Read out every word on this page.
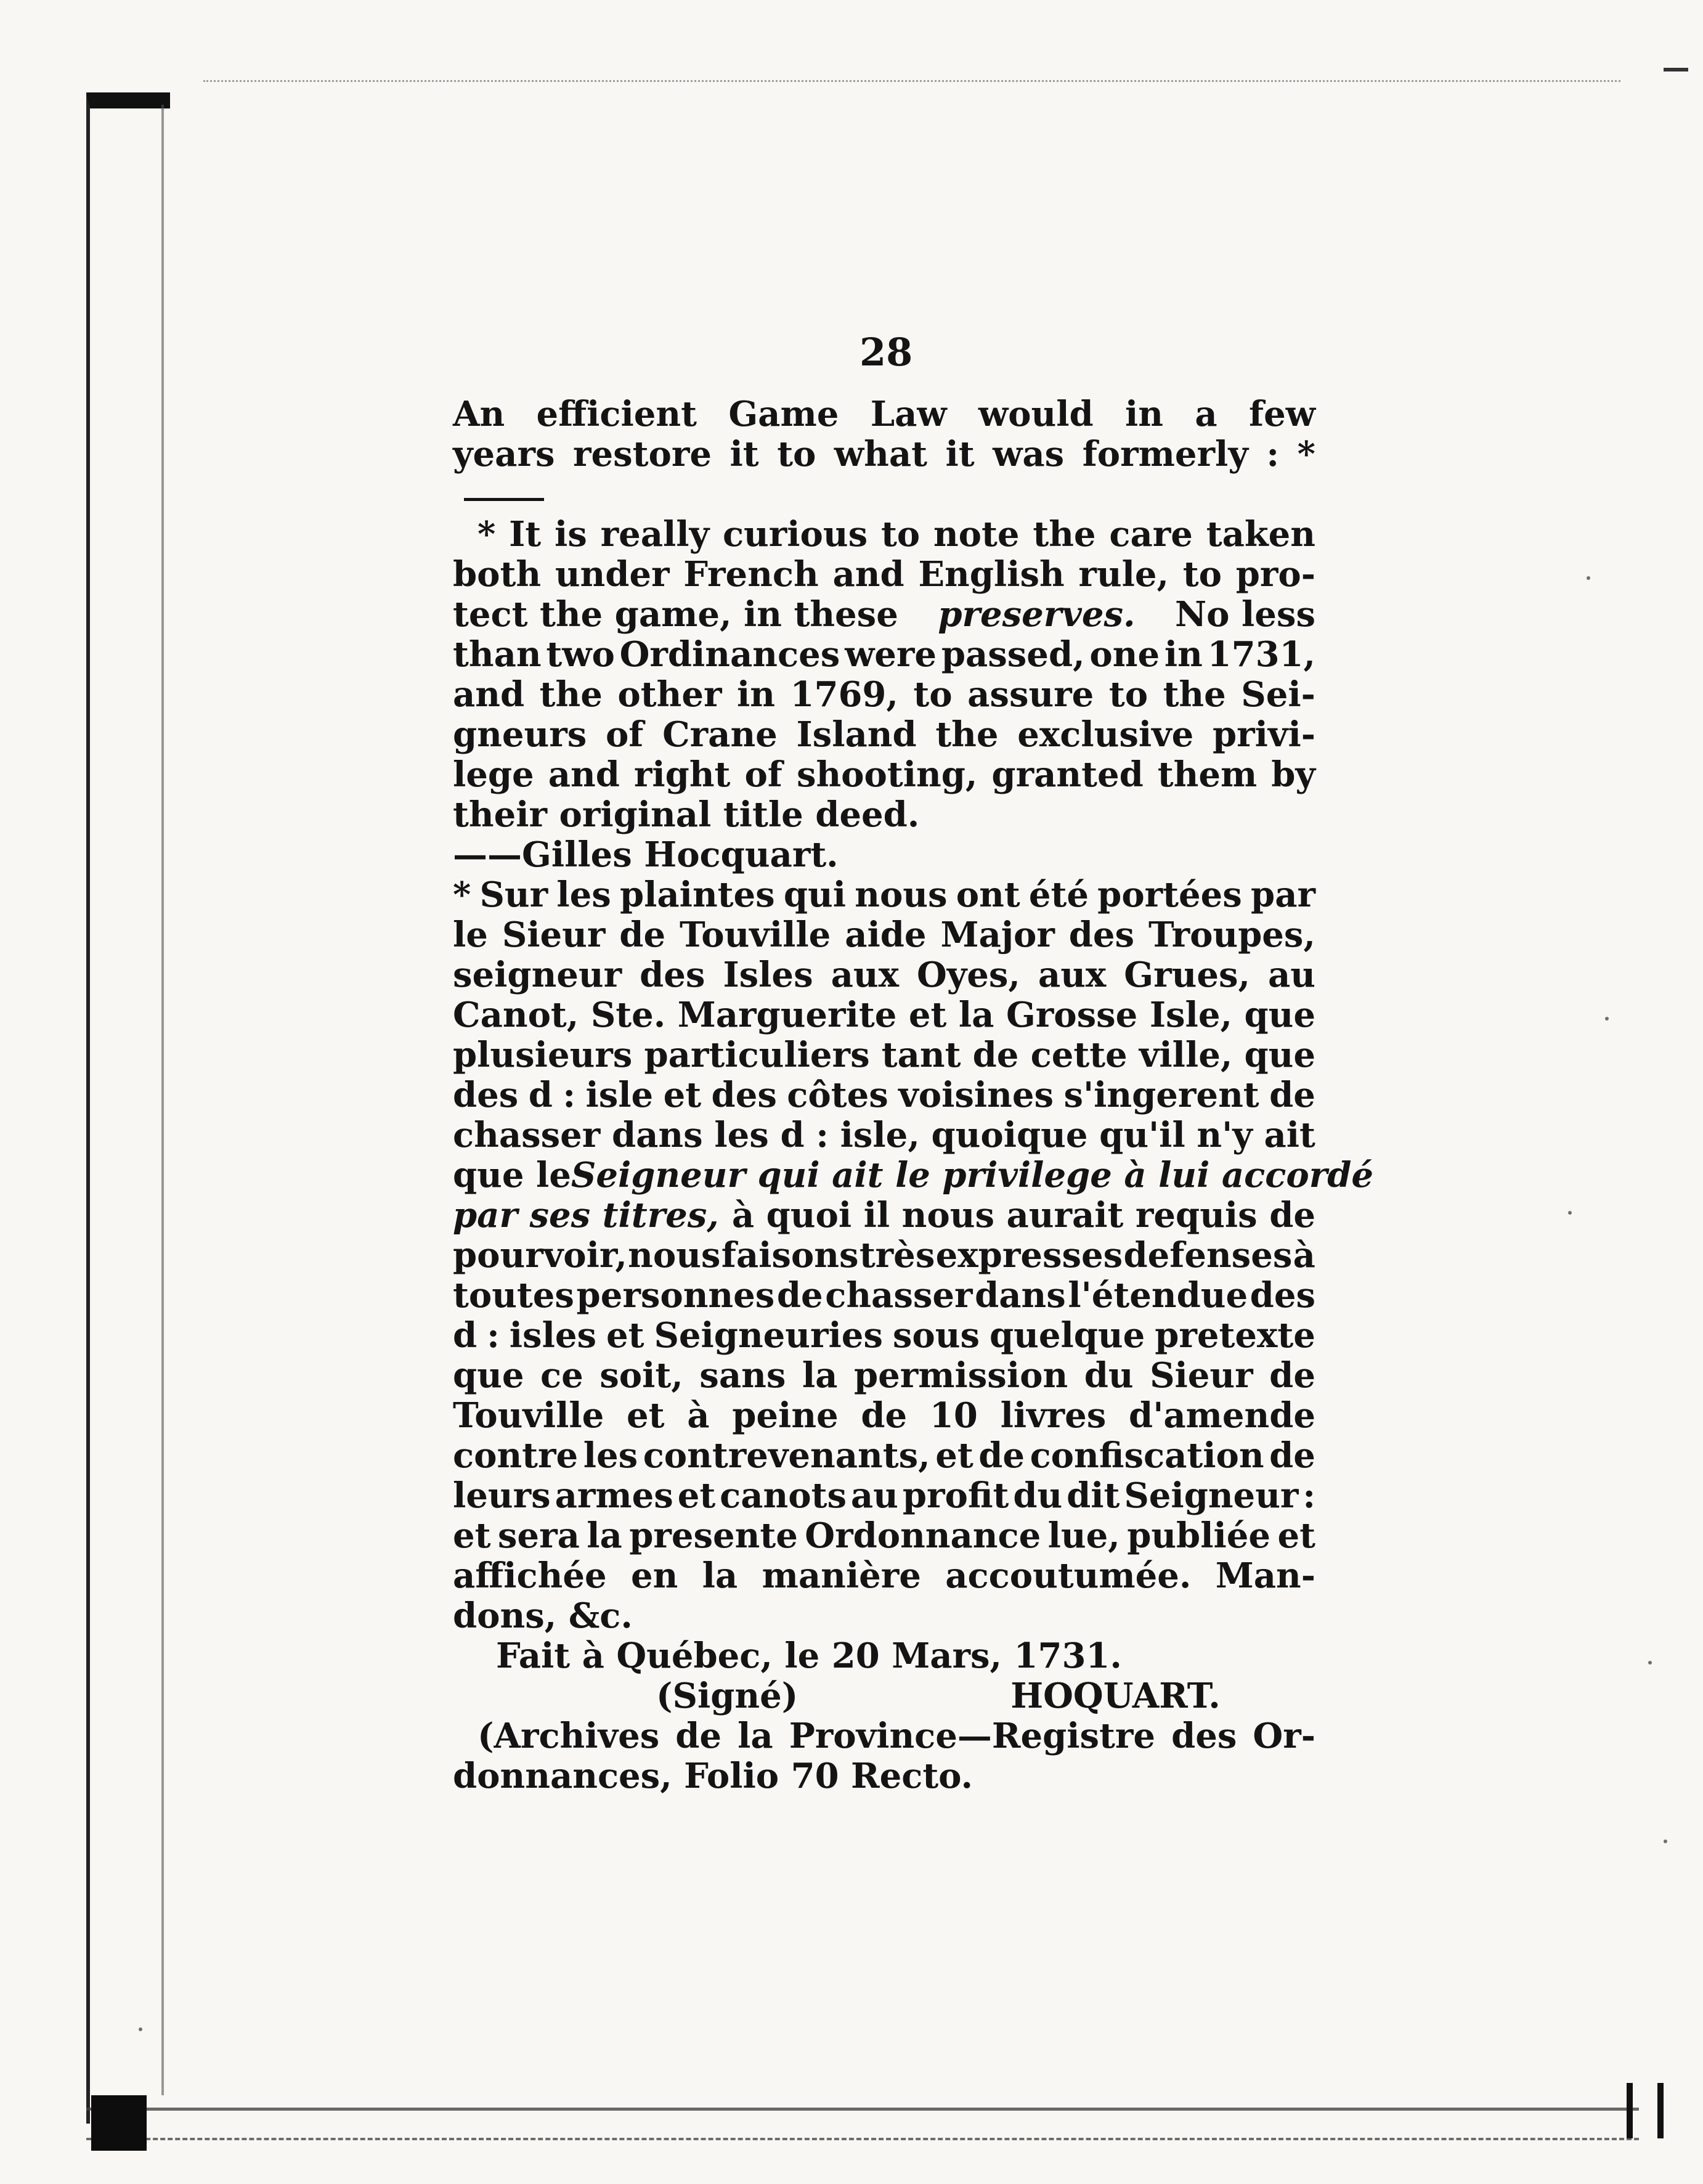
28
An efficient Game Law would in a few
years restore it to what it was formerly : *
* It is really curious to note the care taken
both under French and English rule, to pro-
tect the game, in these preserves. No less
than two Ordinances were passed, one in 1731,
and the other in 1769, to assure to the Sei-
gneurs of Crane Island the exclusive privi-
lege and right of shooting, granted them by
their original title deed.
——Gilles Hocquart.
* Sur les plaintes qui nous ont été portées par
le Sieur de Touville aide Major des Troupes,
seigneur des Isles aux Oyes, aux Grues, au
Canot, Ste. Marguerite et la Grosse Isle, que
plusieurs particuliers tant de cette ville, que
des d : isle et des côtes voisines s'ingerent de
chasser dans les d : isle, quoique qu'il n'y ait
que le Seigneur qui ait le privilege à lui accordé
par ses titres, à quoi il nous aurait requis de
pourvoir, nous faisons très expresses defenses à
toutes personnes de chasser dans l'étendue des
d : isles et Seigneuries sous quelque pretexte
que ce soit, sans la permission du Sieur de
Touville et à peine de 10 livres d'amende
contre les contrevenants, et de confiscation de
leurs armes et canots au profit du dit Seigneur :
et sera la presente Ordonnance lue, publiée et
affichée en la manière accoutumée. Man-
dons, &c.
Fait à Québec, le 20 Mars, 1731.
(Signé)	HOQUART.
(Archives de la Province—Registre des Or-
donnances, Folio 70 Recto.
